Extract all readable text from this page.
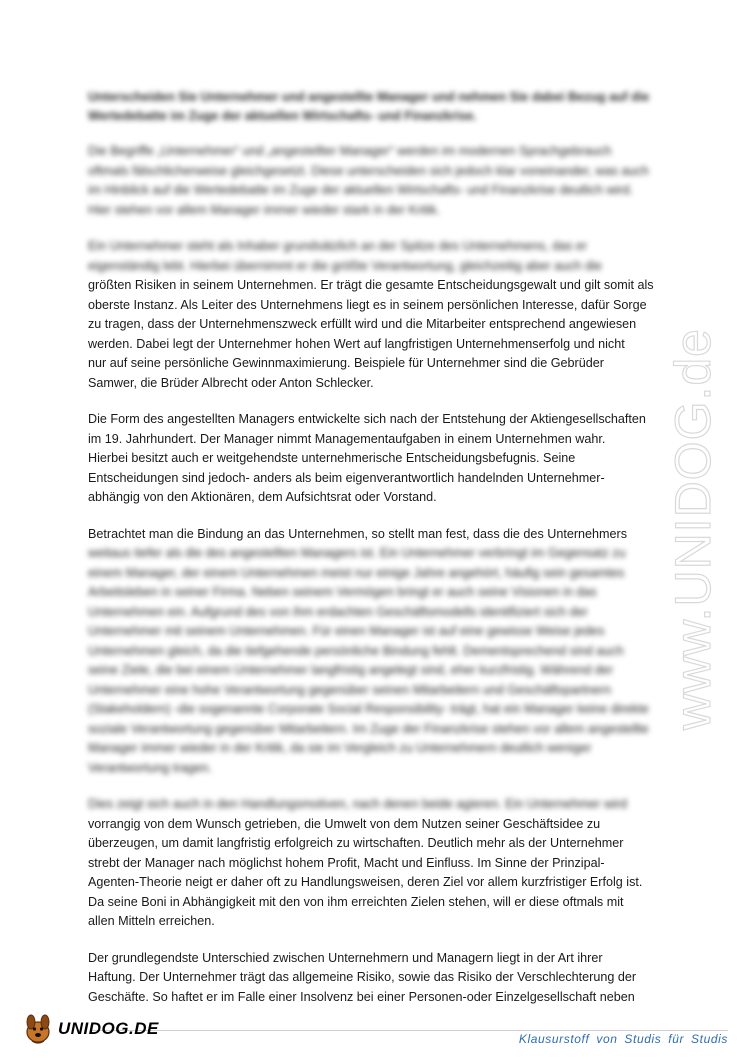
Unterscheiden Sie Unternehmer und angestellte Manager und nehmen Sie dabei Bezug auf die Wertedebatte im Zuge der aktuellen Wirtschafts- und Finanzkrise.
Die Begriffe „Unternehmer“ und „angestellter Manager“ werden im modernen Sprachgebrauch
oftmals fälschlicherweise gleichgesetzt. Diese unterscheiden sich jedoch klar voneinander, was auch
im Hinblick auf die Wertedebatte im Zuge der aktuellen Wirtschafts- und Finanzkrise deutlich wird.
Hier stehen vor allem Manager immer wieder stark in der Kritik.
Ein Unternehmer steht als Inhaber grundsätzlich an der Spitze des Unternehmens, das er
eigenständig lebt. Hierbei übernimmt er die größte Verantwortung, gleichzeitig aber auch die
größten Risiken in seinem Unternehmen. Er trägt die gesamte Entscheidungsgewalt und gilt somit als
oberste Instanz. Als Leiter des Unternehmens liegt es in seinem persönlichen Interesse, dafür Sorge
zu tragen, dass der Unternehmenszweck erfüllt wird und die Mitarbeiter entsprechend angewiesen
werden. Dabei legt der Unternehmer hohen Wert auf langfristigen Unternehmenserfolg und nicht
nur auf seine persönliche Gewinnmaximierung. Beispiele für Unternehmer sind die Gebrüder
Samwer, die Brüder Albrecht oder Anton Schlecker.
Die Form des angestellten Managers entwickelte sich nach der Entstehung der Aktiengesellschaften
im 19. Jahrhundert. Der Manager nimmt Managementaufgaben in einem Unternehmen wahr.
Hierbei besitzt auch er weitgehendste unternehmerische Entscheidungsbefugnis. Seine
Entscheidungen sind jedoch- anders als beim eigenverantwortlich handelnden Unternehmer-
abhängig von den Aktionären, dem Aufsichtsrat oder Vorstand.
Betrachtet man die Bindung an das Unternehmen, so stellt man fest, dass die des Unternehmers
weitaus tiefer als die des angestellten Managers ist. Ein Unternehmer verbringt im Gegensatz zu
einem Manager, der einem Unternehmen meist nur einige Jahre angehört, häufig sein gesamtes
Arbeitsleben in seiner Firma. Neben seinem Vermögen bringt er auch seine Visionen in das
Unternehmen ein. Aufgrund des von ihm erdachten Geschäftsmodells identifiziert sich der
Unternehmer mit seinem Unternehmen. Für einen Manager ist auf eine gewisse Weise jedes
Unternehmen gleich, da die tiefgehende persönliche Bindung fehlt. Dementsprechend sind auch
seine Ziele, die bei einem Unternehmer langfristig angelegt sind, eher kurzfristig. Während der
Unternehmer eine hohe Verantwortung gegenüber seinen Mitarbeitern und Geschäftspartnern
(Stakeholdern) -die sogenannte Corporate Social Responsibility- trägt, hat ein Manager keine direkte
soziale Verantwortung gegenüber Mitarbeitern. Im Zuge der Finanzkrise stehen vor allem angestellte
Manager immer wieder in der Kritik, da sie im Vergleich zu Unternehmern deutlich weniger
Verantwortung tragen.
Dies zeigt sich auch in den Handlungsmotiven, nach denen beide agieren. Ein Unternehmer wird
vorrangig von dem Wunsch getrieben, die Umwelt von dem Nutzen seiner Geschäftsidee zu
überzeugen, um damit langfristig erfolgreich zu wirtschaften. Deutlich mehr als der Unternehmer
strebt der Manager nach möglichst hohem Profit, Macht und Einfluss. Im Sinne der Prinzipal-
Agenten-Theorie neigt er daher oft zu Handlungsweisen, deren Ziel vor allem kurzfristiger Erfolg ist.
Da seine Boni in Abhängigkeit mit den von ihm erreichten Zielen stehen, will er diese oftmals mit
allen Mitteln erreichen.
Der grundlegendste Unterschied zwischen Unternehmern und Managern liegt in der Art ihrer
Haftung. Der Unternehmer trägt das allgemeine Risiko, sowie das Risiko der Verschlechterung der
Geschäfte. So haftet er im Falle einer Insolvenz bei einer Personen-oder Einzelgesellschaft neben
www.UNIDOG.de
UNIDOG.DE
Klausurstoff von Studis für Studis
